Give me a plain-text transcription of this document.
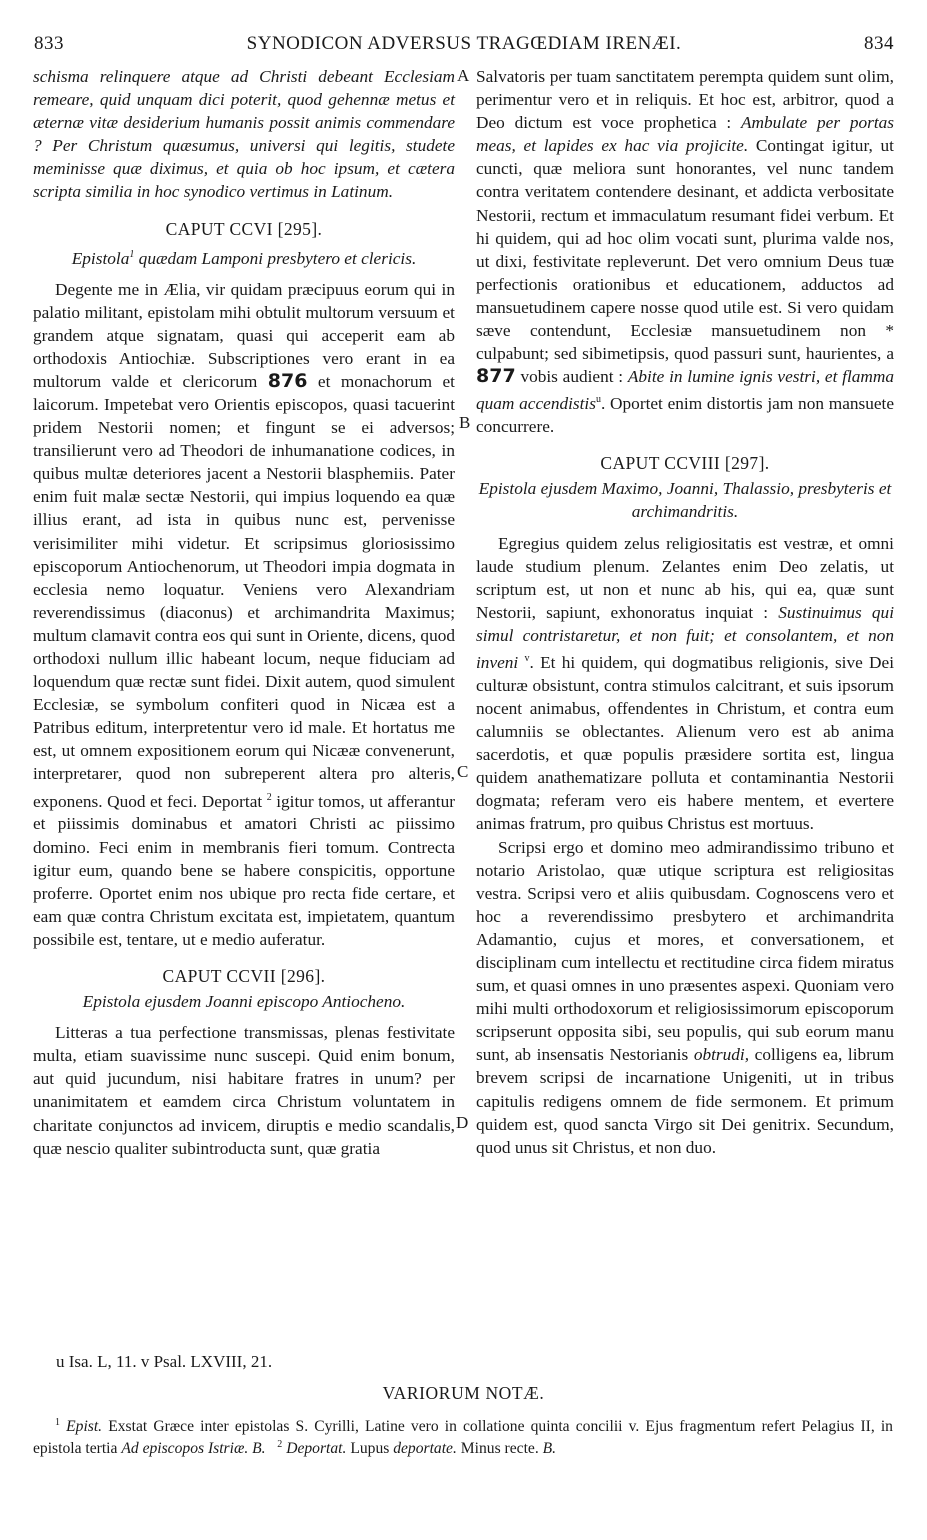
833	SYNODICON ADVERSUS TRAGŒDIAM IRENÆI.	834
A
B
C
D

schisma relinquere atque ad Christi debeant Ecclesiam remeare, quid unquam dici poterit, quod gehennæ metus et æternæ vitæ desiderium humanis possit animis commendare ? Per Christum quæsumus, universi qui legitis, studete meminisse quæ diximus, et quia ob hoc ipsum, et cætera scripta similia in hoc synodico vertimus in Latinum.

CAPUT CCVI [295].
Epistola$^1$ quædam Lamponi presbytero et clericis.

Degente me in Ælia, vir quidam præcipuus eorum qui in palatio militant, epistolam mihi obtulit multorum versuum et grandem atque signatam, quasi qui acceperit eam ab orthodoxis Antiochiæ. Subscriptiones vero erant in ea multorum valde et clericorum 876 et monachorum et laicorum. Impetebat vero Orientis episcopos, quasi tacuerint pridem Nestorii nomen; et fingunt se ei adversos; transilierunt vero ad Theodori de inhumanatione codices, in quibus multæ deteriores jacent a Nestorii blasphemiis. Pater enim fuit malæ sectæ Nestorii, qui impius loquendo ea quæ illius erant, ad ista in quibus nunc est, pervenisse verisimiliter mihi videtur. Et scripsimus gloriosissimo episcoporum Antiochenorum, ut Theodori impia dogmata in ecclesia nemo loquatur. Veniens vero Alexandriam reverendissimus (diaconus) et archimandrita Maximus; multum clamavit contra eos qui sunt in Oriente, dicens, quod orthodoxi nullum illic habeant locum, neque fiduciam ad loquendum quæ rectæ sunt fidei. Dixit autem, quod simulent Ecclesiæ, se symbolum confiteri quod in Nicæa est a Patribus editum, interpretentur vero id male. Et hortatus me est, ut omnem expositionem eorum qui Nicææ convenerunt, interpretarer, quod non subreperent altera pro alteris, exponens. Quod et feci. Deportat $^2$ igitur tomos, ut afferantur et piissimis dominabus et amatori Christi ac piissimo domino. Feci enim in membranis fieri tomum. Contrecta igitur eum, quando bene se habere conspicitis, opportune proferre. Oportet enim nos ubique pro recta fide certare, et eam quæ contra Christum excitata est, impietatem, quantum possibile est, tentare, ut e medio auferatur.

CAPUT CCVII [296].
Epistola ejusdem Joanni episcopo Antiocheno.

Litteras a tua perfectione transmissas, plenas festivitate multa, etiam suavissime nunc suscepi. Quid enim bonum, aut quid jucundum, nisi habitare fratres in unum? per unanimitatem et eamdem circa Christum voluntatem in charitate conjunctos ad invicem, diruptis e medio scandalis, quæ nescio qualiter subintroducta sunt, quæ gratia

Salvatoris per tuam sanctitatem perempta quidem sunt olim, perimentur vero et in reliquis. Et hoc est, arbitror, quod a Deo dictum est voce prophetica : Ambulate per portas meas, et lapides ex hac via projicite. Contingat igitur, ut cuncti, quæ meliora sunt honorantes, vel nunc tandem contra veritatem contendere desinant, et addicta verbositate Nestorii, rectum et immaculatum resumant fidei verbum. Et hi quidem, qui ad hoc olim vocati sunt, plurima valde nos, ut dixi, festivitate repleverunt. Det vero omnium Deus tuæ perfectionis orationibus et educationem, adductos ad mansuetudinem capere nosse quod utile est. Si vero quidam sæve contendunt, Ecclesiæ mansuetudinem non * culpabunt; sed sibimetipsis, quod passuri sunt, haurientes, a 877 vobis audient : Abite in lumine ignis vestri, et flamma quam accendistis$^u$. Oportet enim distortis jam non mansuete concurrere.

CAPUT CCVIII [297].
Epistola ejusdem Maximo, Joanni, Thalassio, presbyteris et archimandritis.

Egregius quidem zelus religiositatis est vestræ, et omni laude studium plenum. Zelantes enim Deo zelatis, ut scriptum est, ut non et nunc ab his, qui ea, quæ sunt Nestorii, sapiunt, exhonoratus inquiat : Sustinuimus qui simul contristaretur, et non fuit; et consolantem, et non inveni $^v$. Et hi quidem, qui dogmatibus religionis, sive Dei culturæ obsistunt, contra stimulos calcitrant, et suis ipsorum nocent animabus, offendentes in Christum, et contra eum calumniis se oblectantes. Alienum vero est ab anima sacerdotis, et quæ populis præsidere sortita est, lingua quidem anathematizare polluta et contaminantia Nestorii dogmata; referam vero eis habere mentem, et evertere animas fratrum, pro quibus Christus est mortuus.

Scripsi ergo et domino meo admirandissimo tribuno et notario Aristolao, quæ utique scriptura est religiositas vestra. Scripsi vero et aliis quibusdam. Cognoscens vero et hoc a reverendissimo presbytero et archimandrita Adamantio, cujus et mores, et conversationem, et disciplinam cum intellectu et rectitudine circa fidem miratus sum, et quasi omnes in uno præsentes aspexi. Quoniam vero mihi multi orthodoxorum et religiosissimorum episcoporum scripserunt opposita sibi, seu populis, qui sub eorum manu sunt, ab insensatis Nestorianis obtrudi, colligens ea, librum brevem scripsi de incarnatione Unigeniti, ut in tribus capitulis redigens omnem de fide sermonem. Et primum quidem est, quod sancta Virgo sit Dei genitrix. Secundum, quod unus sit Christus, et non duo.

u Isa. L, 11. v Psal. LXVIII, 21.
VARIORUM NOTÆ.

$^1$ Epist. Exstat Græce inter epistolas S. Cyrilli, Latine vero in collatione quinta concilii v. Ejus fragmentum refert Pelagius II, in epistola tertia Ad episcopos Istriæ. B. $^2$ Deportat. Lupus deportate. Minus recte. B.
